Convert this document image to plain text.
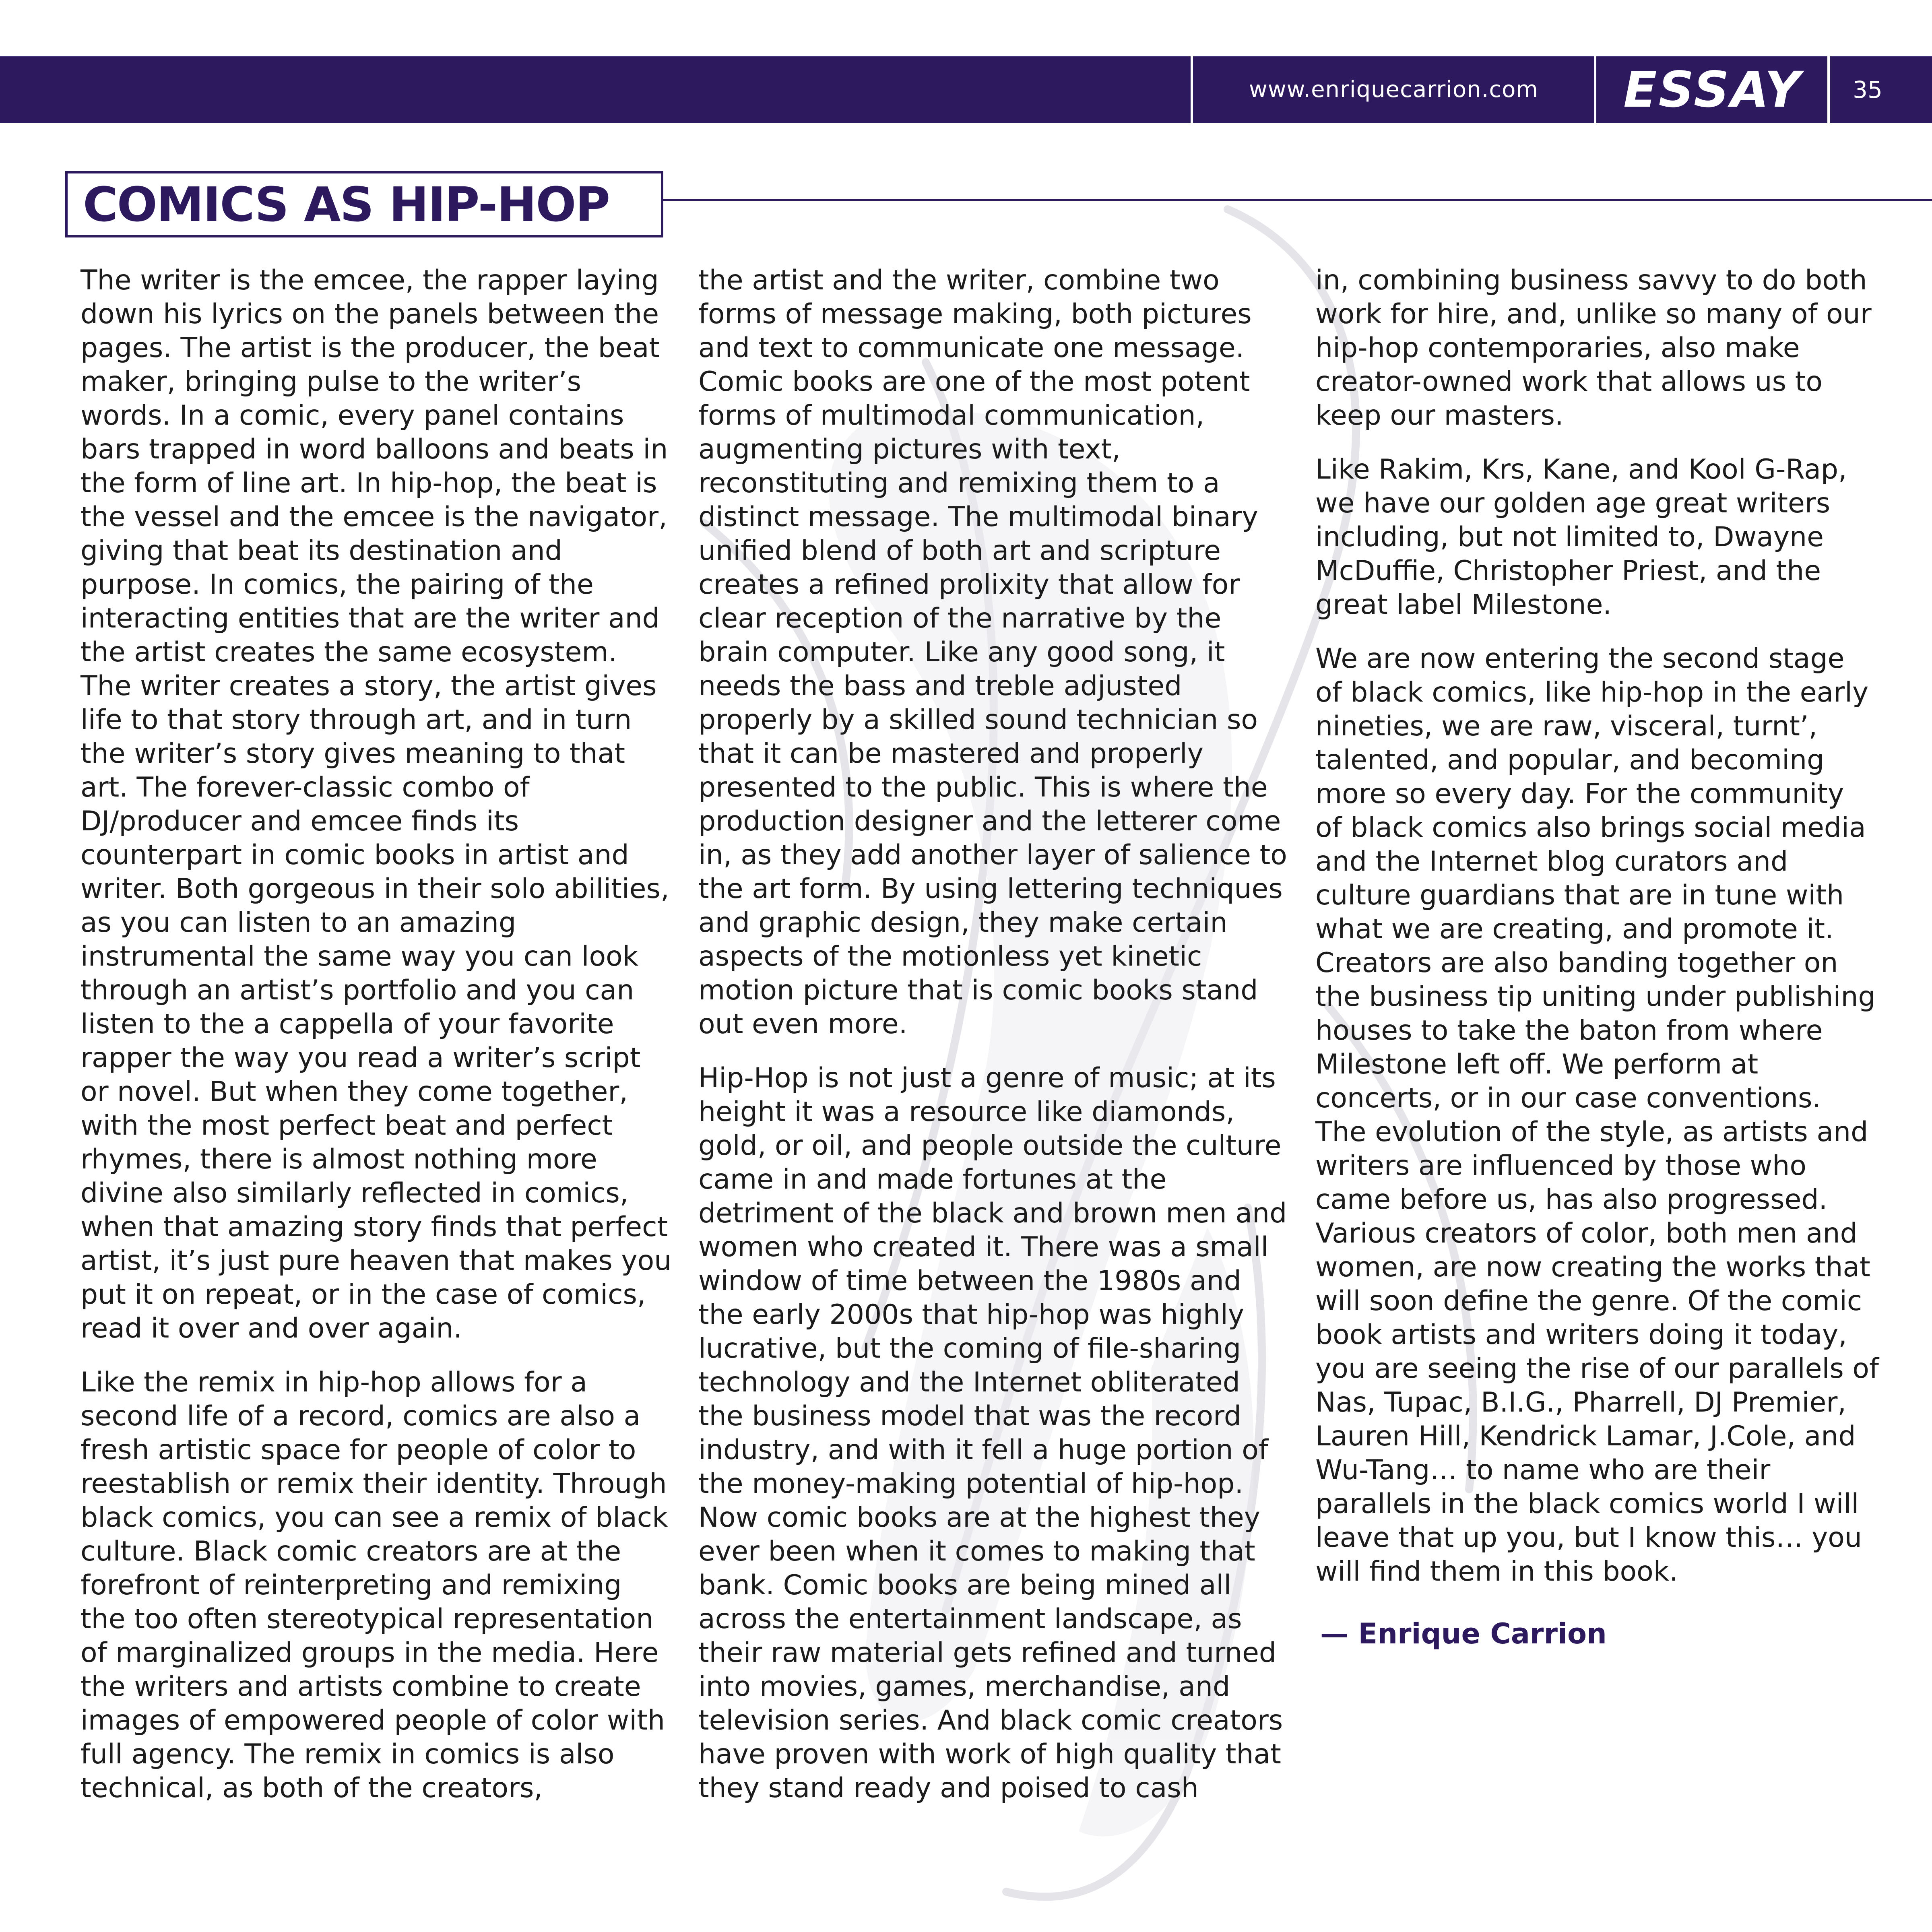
www.enriquecarrion.com	ESSAY	35
COMICS AS HIP-HOP

The writer is the emcee, the rapper laying down his lyrics on the panels between the pages. The artist is the producer, the beat maker, bringing pulse to the writer’s words. In a comic, every panel contains bars trapped in word balloons and beats in the form of line art. In hip-hop, the beat is the vessel and the emcee is the navigator, giving that beat its destination and purpose. In comics, the pairing of the interacting entities that are the writer and the artist creates the same ecosystem. The writer creates a story, the artist gives life to that story through art, and in turn the writer’s story gives meaning to that art. The forever-classic combo of DJ/producer and emcee finds its counterpart in comic books in artist and writer. Both gorgeous in their solo abilities, as you can listen to an amazing instrumental the same way you can look through an artist’s portfolio and you can listen to the a cappella of your favorite rapper the way you read a writer’s script or novel. But when they come together, with the most perfect beat and perfect rhymes, there is almost nothing more divine also similarly reflected in comics, when that amazing story finds that perfect artist, it’s just pure heaven that makes you put it on repeat, or in the case of comics, read it over and over again.

Like the remix in hip-hop allows for a second life of a record, comics are also a fresh artistic space for people of color to reestablish or remix their identity. Through black comics, you can see a remix of black culture. Black comic creators are at the forefront of reinterpreting and remixing the too often stereotypical representation of marginalized groups in the media. Here the writers and artists combine to create images of empowered people of color with full agency. The remix in comics is also technical, as both of the creators,

the artist and the writer, combine two forms of message making, both pictures and text to communicate one message. Comic books are one of the most potent forms of multimodal communication, augmenting pictures with text, reconstituting and remixing them to a distinct message. The multimodal binary unified blend of both art and scripture creates a refined prolixity that allow for clear reception of the narrative by the brain computer. Like any good song, it needs the bass and treble adjusted properly by a skilled sound technician so that it can be mastered and properly presented to the public. This is where the production designer and the letterer come in, as they add another layer of salience to the art form. By using lettering techniques and graphic design, they make certain aspects of the motionless yet kinetic motion picture that is comic books stand out even more.

Hip-Hop is not just a genre of music; at its height it was a resource like diamonds, gold, or oil, and people outside the culture came in and made fortunes at the detriment of the black and brown men and women who created it. There was a small window of time between the 1980s and the early 2000s that hip-hop was highly lucrative, but the coming of file-sharing technology and the Internet obliterated the business model that was the record industry, and with it fell a huge portion of the money-making potential of hip-hop. Now comic books are at the highest they ever been when it comes to making that bank. Comic books are being mined all across the entertainment landscape, as their raw material gets refined and turned into movies, games, merchandise, and television series. And black comic creators have proven with work of high quality that they stand ready and poised to cash

in, combining business savvy to do both work for hire, and, unlike so many of our hip-hop contemporaries, also make creator-owned work that allows us to keep our masters.

Like Rakim, Krs, Kane, and Kool G-Rap, we have our golden age great writers including, but not limited to, Dwayne McDuffie, Christopher Priest, and the great label Milestone.

We are now entering the second stage of black comics, like hip-hop in the early nineties, we are raw, visceral, turnt’, talented, and popular, and becoming more so every day. For the community of black comics also brings social media and the Internet blog curators and culture guardians that are in tune with what we are creating, and promote it. Creators are also banding together on the business tip uniting under publishing houses to take the baton from where Milestone left off. We perform at concerts, or in our case conventions. The evolution of the style, as artists and writers are influenced by those who came before us, has also progressed. Various creators of color, both men and women, are now creating the works that will soon define the genre. Of the comic book artists and writers doing it today, you are seeing the rise of our parallels of Nas, Tupac, B.I.G., Pharrell, DJ Premier, Lauren Hill, Kendrick Lamar, J.Cole, and Wu-Tang… to name who are their parallels in the black comics world I will leave that up you, but I know this… you will find them in this book.

— Enrique Carrion
